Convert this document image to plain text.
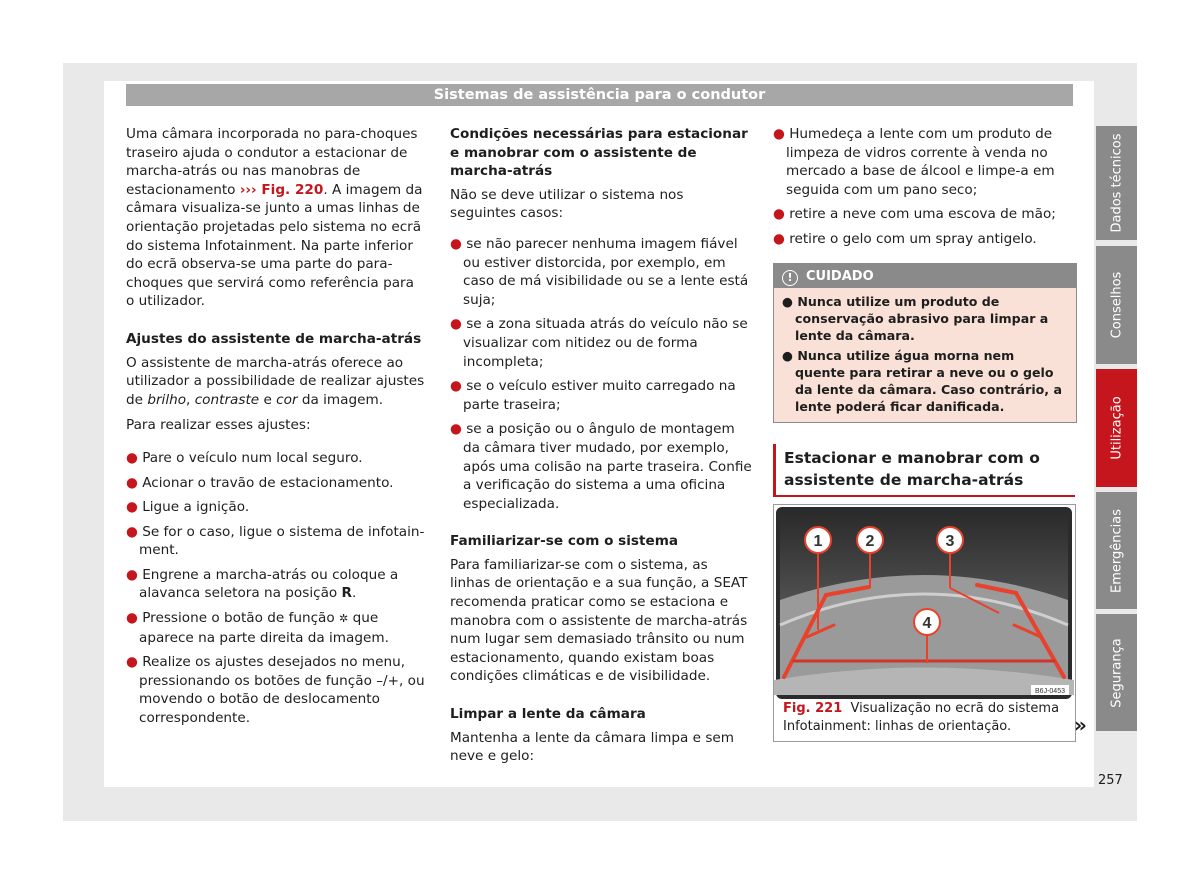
Sistemas de assistência para o condutor

Uma câmara incorporada no para-choques traseiro ajuda o condutor a estacionar de marcha-atrás ou nas manobras de estacionamento ››› Fig. 220. A imagem da câmara visualiza-se junto a umas linhas de orientação projetadas pelo sistema no ecrã do sistema Infotainment. Na parte inferior do ecrã observa-se uma parte do para-choques que servirá como referência para o utilizador.

Ajustes do assistente de marcha-atrás

O assistente de marcha-atrás oferece ao utilizador a possibilidade de realizar ajustes de brilho, contraste e cor da imagem.

Para realizar esses ajustes:

● Pare o veículo num local seguro.

● Acionar o travão de estacionamento.

● Ligue a ignição.

● Se for o caso, ligue o sistema de infotainment.

● Engrene a marcha-atrás ou coloque a alavanca seletora na posição R.

● Pressione o botão de função ✲ que aparece na parte direita da imagem.

● Realize os ajustes desejados no menu, pressionando os botões de função –/+, ou movendo o botão de deslocamento correspondente.

Condições necessárias para estacionar e manobrar com o assistente de marcha-atrás

Não se deve utilizar o sistema nos seguintes casos:

● se não parecer nenhuma imagem fiável ou estiver distorcida, por exemplo, em caso de má visibilidade ou se a lente está suja;

● se a zona situada atrás do veículo não se visualizar com nitidez ou de forma incompleta;

● se o veículo estiver muito carregado na parte traseira;

● se a posição ou o ângulo de montagem da câmara tiver mudado, por exemplo, após uma colisão na parte traseira. Confie a verificação do sistema a uma oficina especializada.

Familiarizar-se com o sistema

Para familiarizar-se com o sistema, as linhas de orientação e a sua função, a SEAT recomenda praticar como se estaciona e manobra com o assistente de marcha-atrás num lugar sem demasiado trânsito ou num estacionamento, quando existam boas condições climáticas e de visibilidade.

Limpar a lente da câmara

Mantenha a lente da câmara limpa e sem neve e gelo:

● Humedeça a lente com um produto de limpeza de vidros corrente à venda no mercado a base de álcool e limpe-a em seguida com um pano seco;

● retire a neve com uma escova de mão;

● retire o gelo com um spray antigelo.

! CUIDADO

● Nunca utilize um produto de conservação abrasivo para limpar a lente da câmara.

● Nunca utilize água morna nem quente para retirar a neve ou o gelo da lente da câmara. Caso contrário, a lente poderá ficar danificada.

Estacionar e manobrar com o assistente de marcha-atrás
1	2	3
4
B6J-0453
Fig. 221 Visualização no ecrã do sistema Infotainment: linhas de orientação.	»
Dados técnicos
Conselhos
Utilização
Emergências
Segurança
257
